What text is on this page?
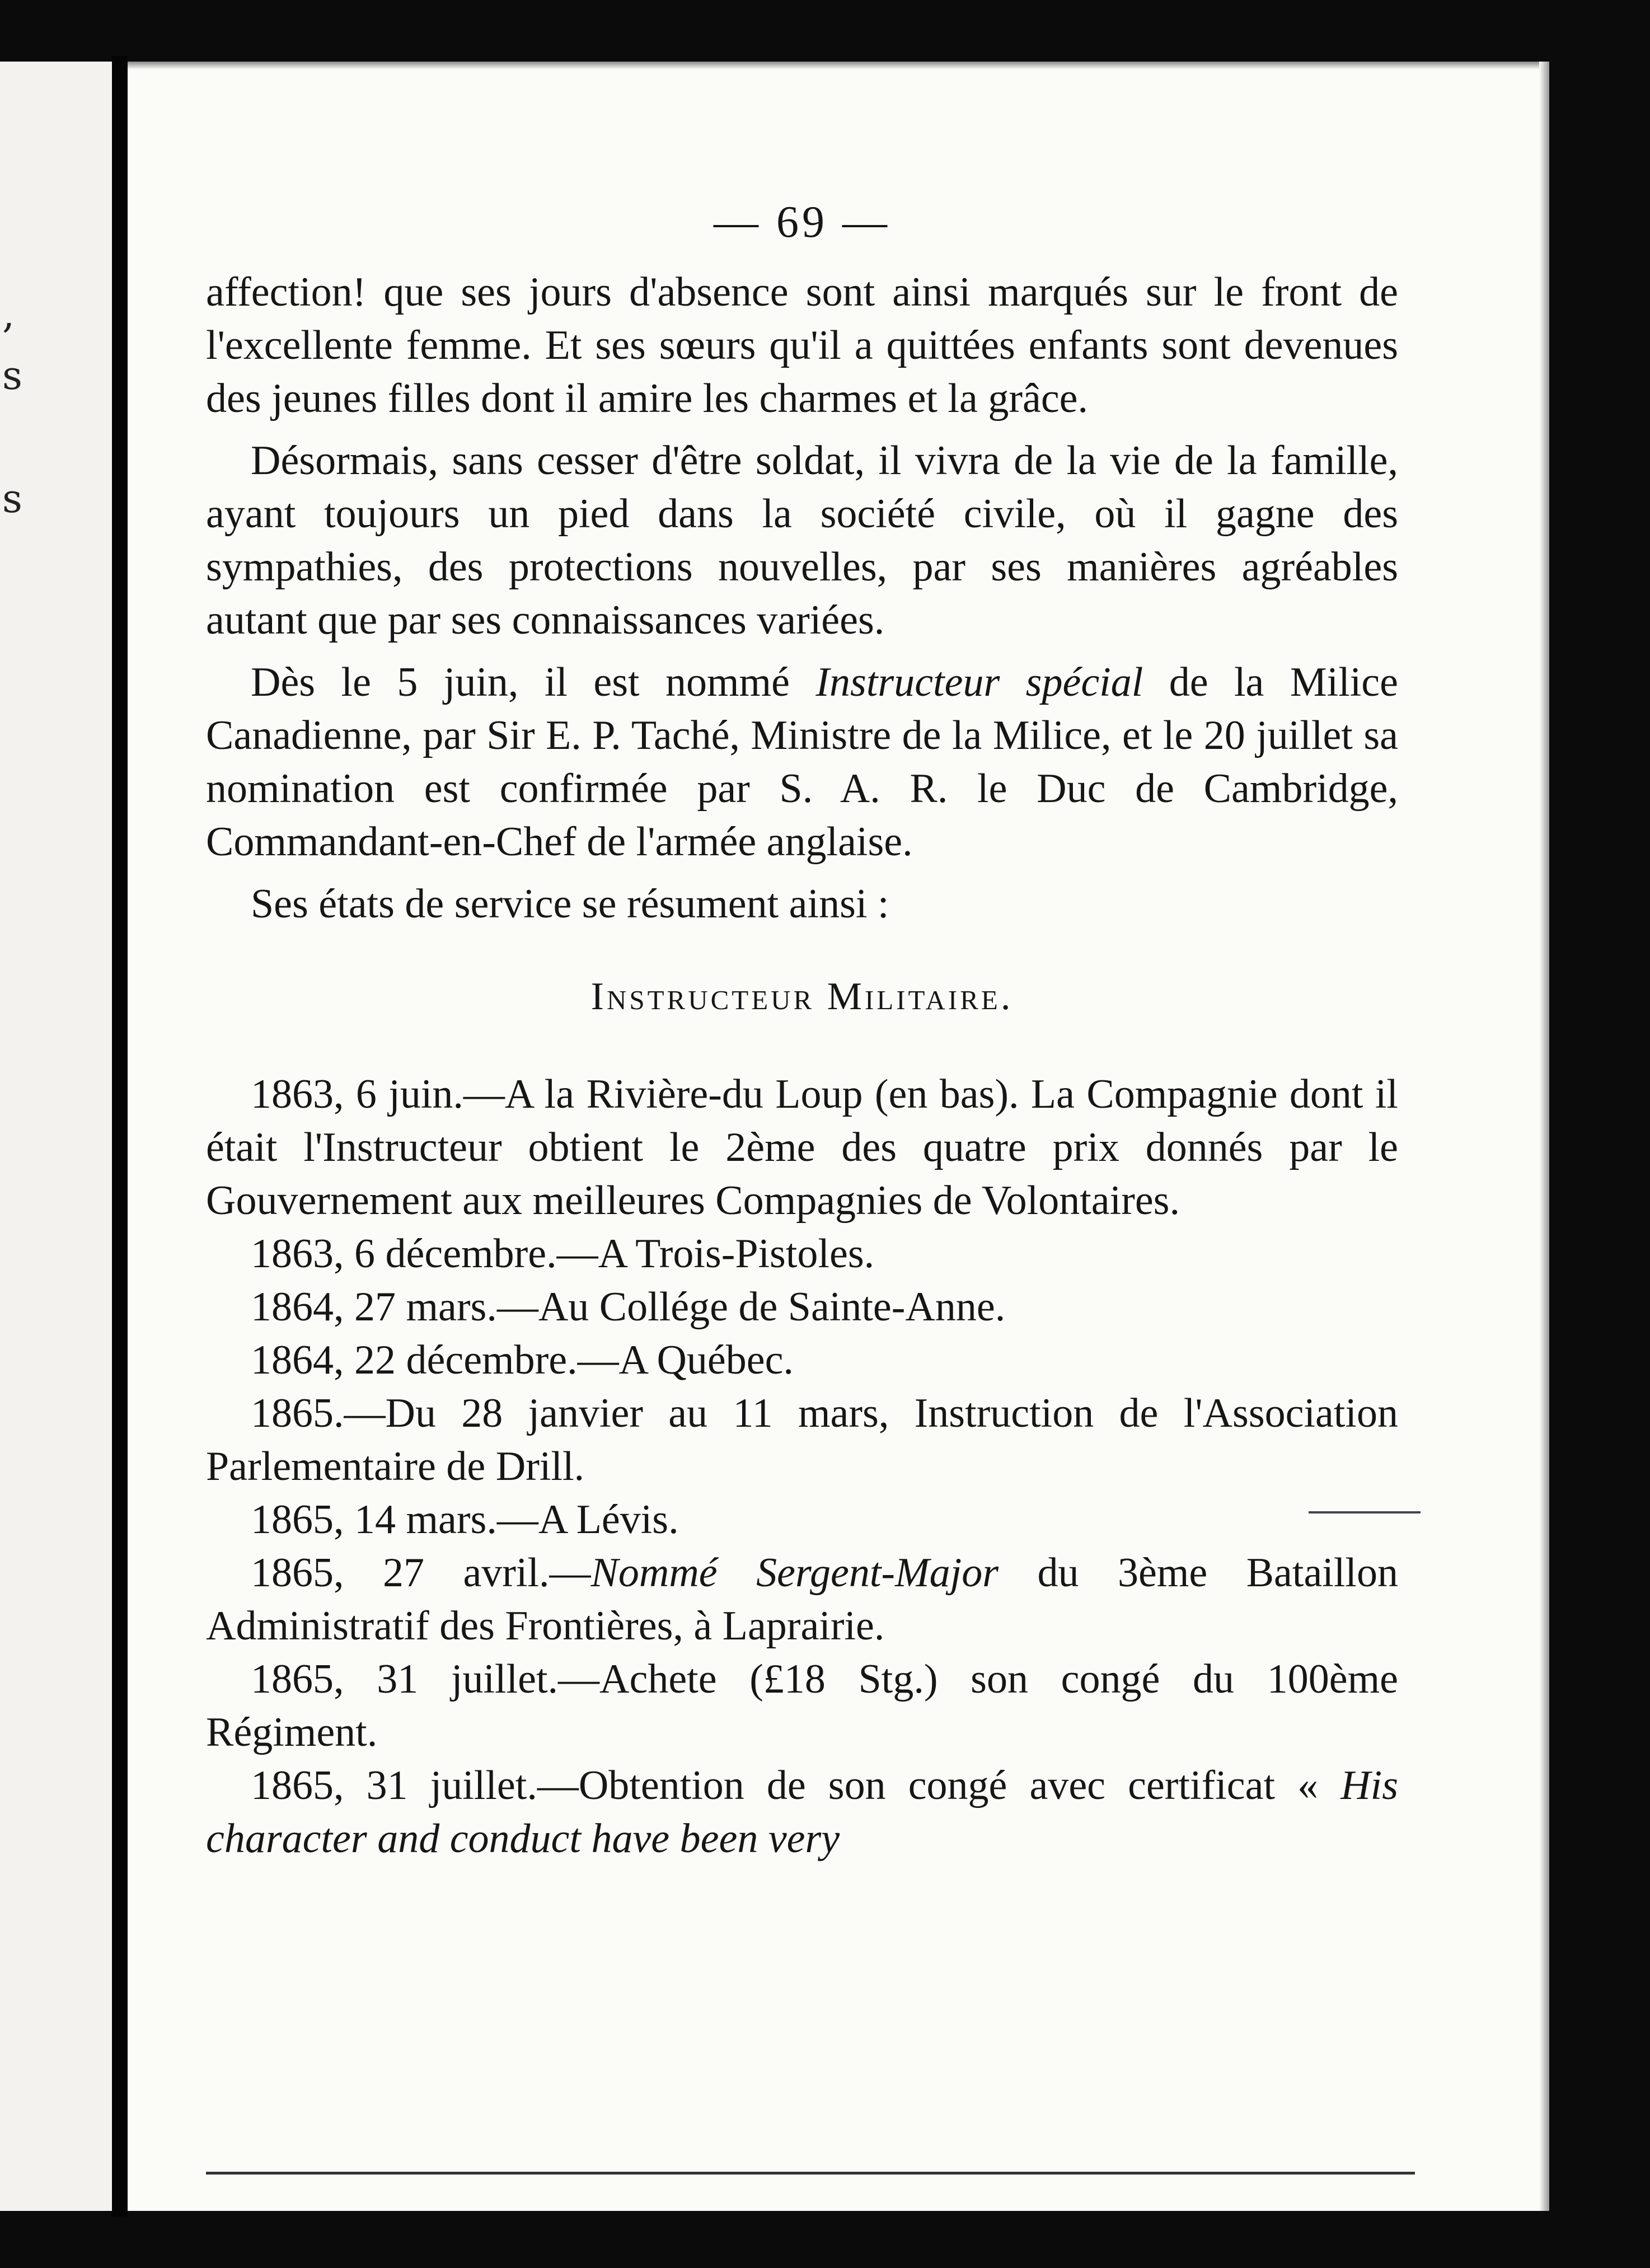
,
s
s
— 69 —

affection! que ses jours d'absence sont ainsi marqués sur le front de l'excellente femme. Et ses sœurs qu'il a quittées enfants sont devenues des jeunes filles dont il amire les charmes et la grâce.

Désormais, sans cesser d'être soldat, il vivra de la vie de la famille, ayant toujours un pied dans la société civile, où il gagne des sympathies, des protections nouvelles, par ses manières agréables autant que par ses connaissances variées.

Dès le 5 juin, il est nommé Instructeur spécial de la Milice Canadienne, par Sir E. P. Taché, Ministre de la Milice, et le 20 juillet sa nomination est confirmée par S. A. R. le Duc de Cambridge, Commandant-en-Chef de l'armée anglaise.

Ses états de service se résument ainsi :

Instructeur Militaire.

1863, 6 juin.—A la Rivière-du Loup (en bas). La Compagnie dont il était l'Instructeur obtient le 2ème des quatre prix donnés par le Gouvernement aux meilleures Compagnies de Volontaires.

1863, 6 décembre.—A Trois-Pistoles.

1864, 27 mars.—Au Collége de Sainte-Anne.

1864, 22 décembre.—A Québec.

1865.—Du 28 janvier au 11 mars, Instruction de l'Association Parlementaire de Drill.

1865, 14 mars.—A Lévis.

1865, 27 avril.—Nommé Sergent-Major du 3ème Bataillon Administratif des Frontières, à Laprairie.

1865, 31 juillet.—Achete (£18 Stg.) son congé du 100ème Régiment.

1865, 31 juillet.—Obtention de son congé avec certificat « His character and conduct have been very
